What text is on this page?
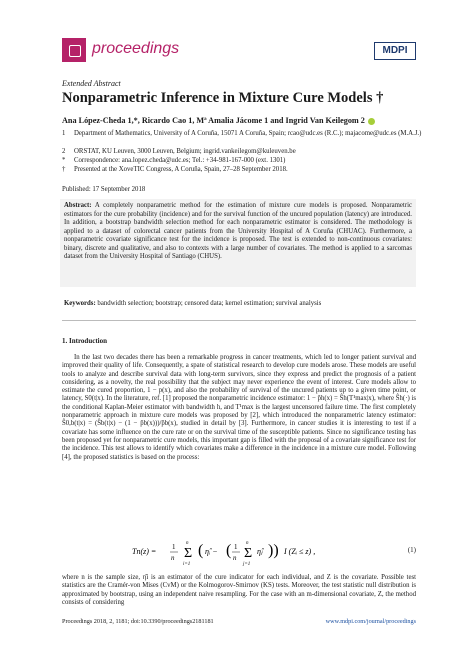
proceedings	MDPI
Extended Abstract
Nonparametric Inference in Mixture Cure Models †
Ana López-Cheda 1,*, Ricardo Cao 1, Mª Amalia Jácome 1 and Ingrid Van Keilegom 2
1	Department of Mathematics, University of A Coruña, 15071 A Coruña, Spain; rcao@udc.es (R.C.); majacome@udc.es (M.A.J.)
2	ORSTAT, KU Leuven, 3000 Leuven, Belgium; ingrid.vankeilegom@kuleuven.be
*	Correspondence: ana.lopez.cheda@udc.es; Tel.: +34-981-167-000 (ext. 1301)
†	Presented at the XoveTIC Congress, A Coruña, Spain, 27–28 September 2018.
Published: 17 September 2018
Abstract: A completely nonparametric method for the estimation of mixture cure models is proposed. Nonparametric estimators for the cure probability (incidence) and for the survival function of the uncured population (latency) are introduced. In addition, a bootstrap bandwidth selection method for each nonparametric estimator is considered. The methodology is applied to a dataset of colorectal cancer patients from the University Hospital of A Coruña (CHUAC). Furthermore, a nonparametric covariate significance test for the incidence is proposed. The test is extended to non-continuous covariates: binary, discrete and qualitative, and also to contexts with a large number of covariates. The method is applied to a sarcomas dataset from the University Hospital of Santiago (CHUS).
Keywords: bandwidth selection; bootstrap; censored data; kernel estimation; survival analysis
1. Introduction

In the last two decades there has been a remarkable progress in cancer treatments, which led to longer patient survival and improved their quality of life. Consequently, a spate of statistical research to develop cure models arose. These models are useful tools to analyze and describe survival data with long-term survivors, since they express and predict the prognosis of a patient considering, as a novelty, the real possibility that the subject may never experience the event of interest. Cure models allow to estimate the cured proportion, 1 − p(x), and also the probability of survival of the uncured patients up to a given time point, or latency, S0(t|x). In the literature, ref. [1] proposed the nonparametric incidence estimator: 1 − p̂h(x) = Ŝh(T¹max|x), where Ŝh(·) is the conditional Kaplan-Meier estimator with bandwidth h, and T¹max is the largest uncensored failure time. The first completely nonparametric approach in mixture cure models was proposed by [2], which introduced the nonparametric latency estimator: Ŝ0,b(t|x) = (Ŝb(t|x) − (1 − p̂b(x)))/p̂b(x), studied in detail by [3]. Furthermore, in cancer studies it is interesting to test if a covariate has some influence on the cure rate or on the survival time of the susceptible patients. Since no significance testing has been proposed yet for nonparametric cure models, this important gap is filled with the proposal of a covariate significance test for the incidence. This test allows to identify which covariates make a difference in the incidence in a mixture cure model. Following [4], the proposed statistics is based on the process:

Tn(z) = 1
n Σ
n
i=1
( η̂ᵢ − ( 1
n Σ
n
j=1
η̂ⱼ )) I (Zᵢ ≤ z) ,	(1)
where n is the sample size, η̂i is an estimator of the cure indicator for each individual, and Z is the covariate. Possible test statistics are the Cramér-von Mises (CvM) or the Kolmogorov-Smirnov (KS) tests. Moreover, the test statistic null distribution is approximated by bootstrap, using an independent naive resampling. For the case with an m-dimensional covariate, Z, the method consists of considering
Proceedings 2018, 2, 1181; doi:10.3390/proceedings2181181	www.mdpi.com/journal/proceedings
